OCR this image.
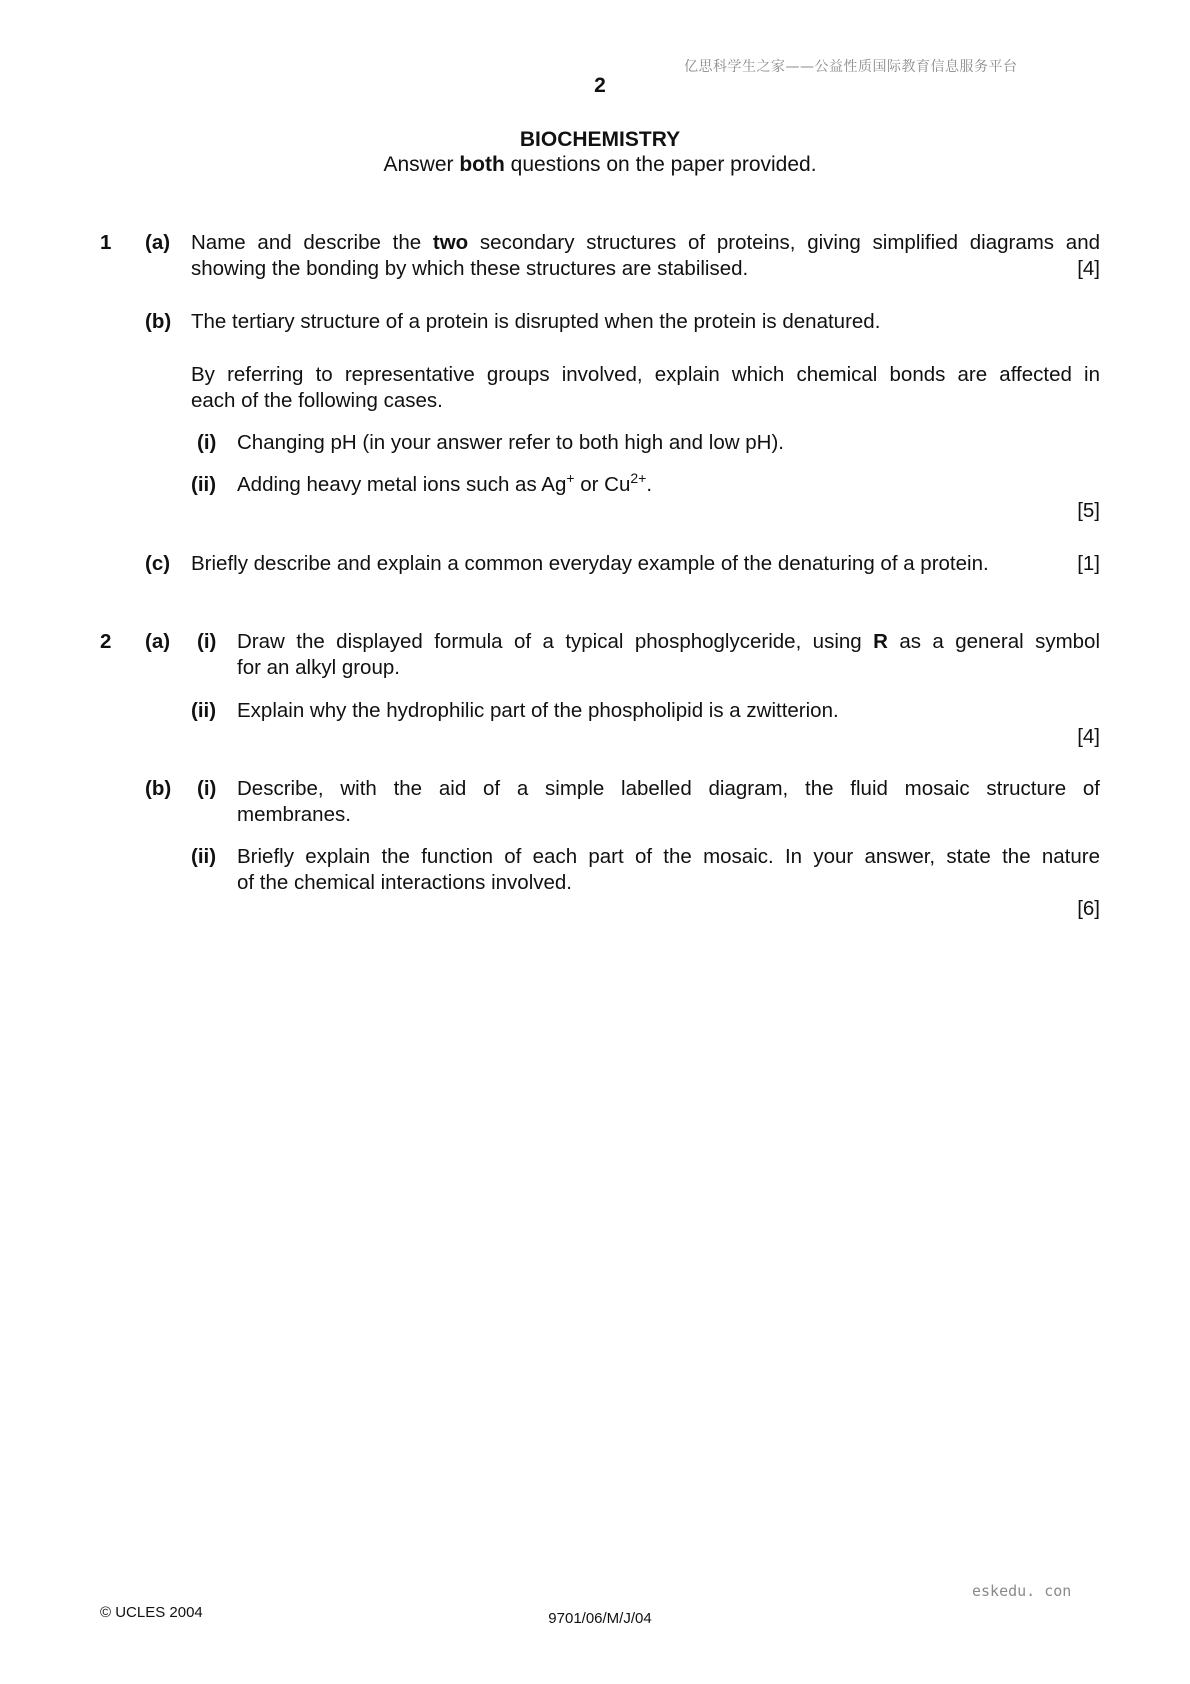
亿思科学生之家——公益性质国际教育信息服务平台
2
BIOCHEMISTRY
Answer both questions on the paper provided.
1 (a) Name and describe the two secondary structures of proteins, giving simplified diagrams and
showing the bonding by which these structures are stabilised.	[4]
(b) The tertiary structure of a protein is disrupted when the protein is denatured.
By referring to representative groups involved, explain which chemical bonds are affected in
each of the following cases.
(i) Changing pH (in your answer refer to both high and low pH).
(ii) Adding heavy metal ions such as Ag+ or $Cu^{2+}$.
[5]
(c) Briefly describe and explain a common everyday example of the denaturing of a protein.	[1]
2 (a) (i) Draw the displayed formula of a typical phosphoglyceride, using R as a general symbol
for an alkyl group.
(ii) Explain why the hydrophilic part of the phospholipid is a zwitterion.
[4]
(b) (i) Describe, with the aid of a simple labelled diagram, the fluid mosaic structure of
membranes.
(ii) Briefly explain the function of each part of the mosaic. In your answer, state the nature
of the chemical interactions involved.
[6]
eskedu. con
© UCLES 2004	9701/06/M/J/04
